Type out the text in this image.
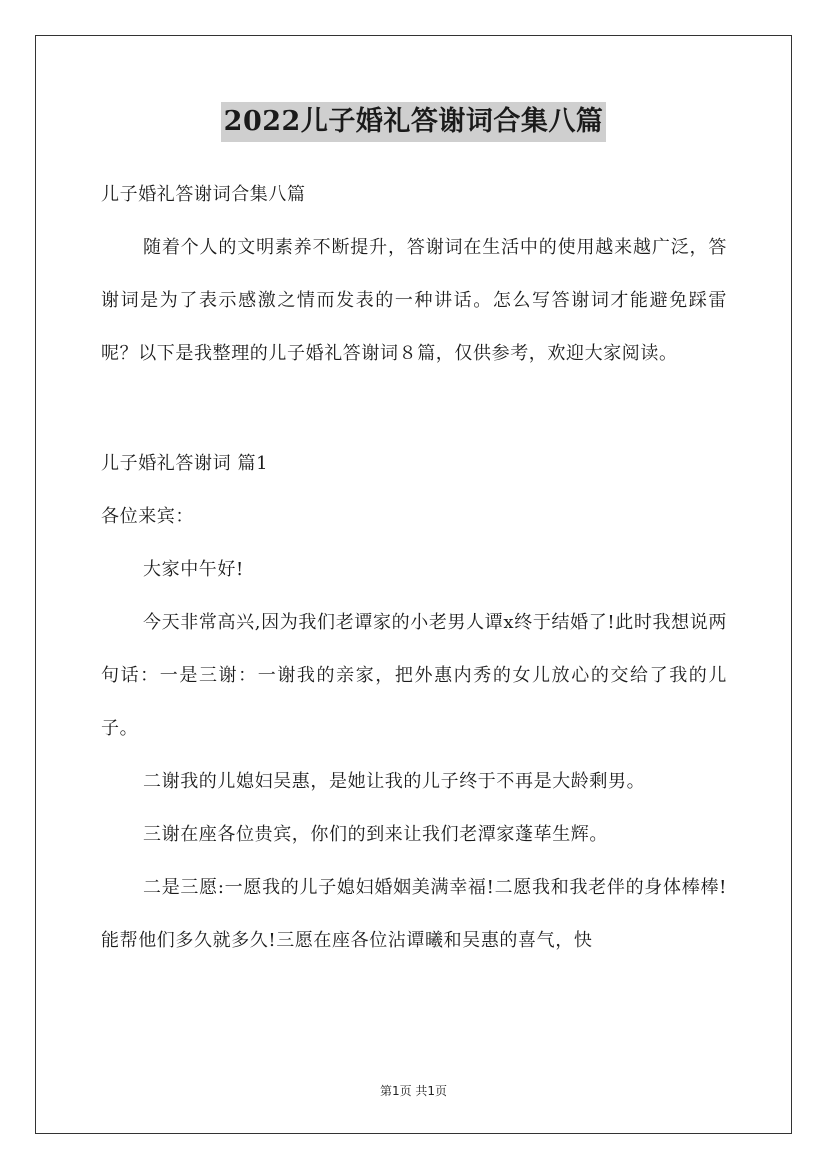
2022儿子婚礼答谢词合集八篇

儿子婚礼答谢词合集八篇

随着个人的文明素养不断提升，答谢词在生活中的使用越来越广泛，答谢词是为了表示感激之情而发表的一种讲话。怎么写答谢词才能避免踩雷呢？以下是我整理的儿子婚礼答谢词８篇，仅供参考，欢迎大家阅读。

儿子婚礼答谢词 篇1

各位来宾：

大家中午好!

今天非常高兴,因为我们老谭家的小老男人谭x终于结婚了!此时我想说两句话：一是三谢：一谢我的亲家，把外惠内秀的女儿放心的交给了我的儿子。

二谢我的儿媳妇吴惠，是她让我的儿子终于不再是大龄剩男。

三谢在座各位贵宾，你们的到来让我们老潭家蓬荜生辉。

二是三愿:一愿我的儿子媳妇婚姻美满幸福!二愿我和我老伴的身体棒棒!能帮他们多久就多久!三愿在座各位沾谭曦和吴惠的喜气，快

第1页 共1页
